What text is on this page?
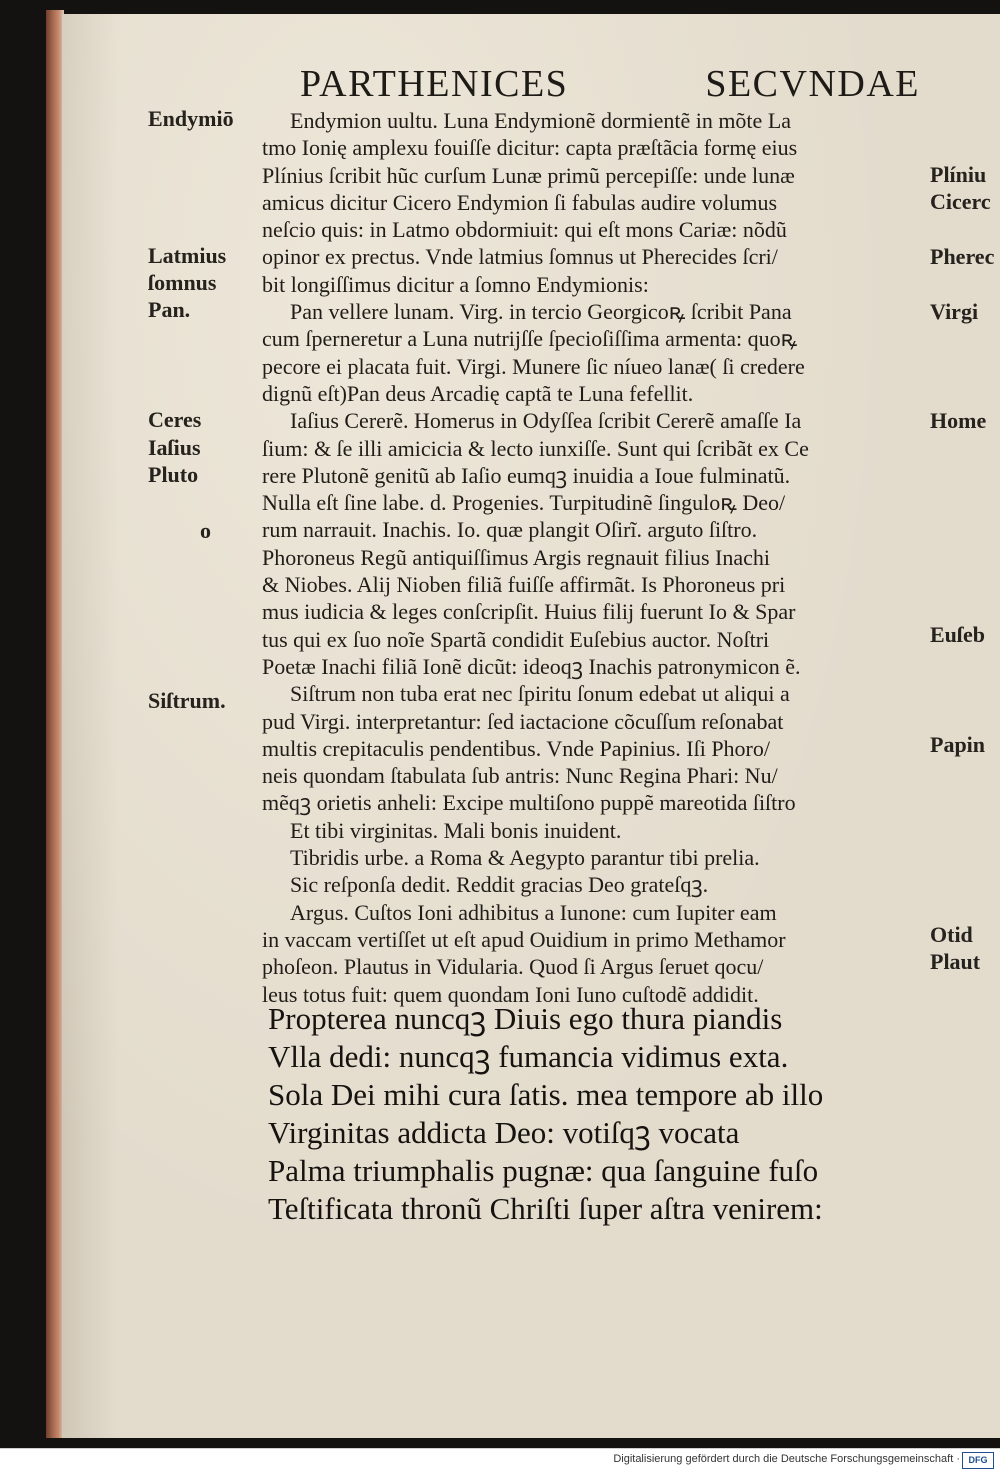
PARTHENICES	SECVNDAE
Endymiō
Latmius
ſomnus
Pan.
Ceres
Iaſius
Pluto
o
Siſtrum.
Plíniu
Cicerc
Pherec
Virgi
Home
Euſeb
Papin
Otid
Plaut
Endymion uultu. Luna Endymionẽ dormientẽ in mõte La
tmo Ionię amplexu fouiſſe dicitur: capta præſtãcia formę eius
Plínius ſcribit hũc curſum Lunæ primũ percepiſſe: unde lunæ
amicus dicitur Cicero Endymion ſi fabulas audire volumus
neſcio quis: in Latmo obdormiuit: qui eſt mons Cariæ: nõdũ
opinor ex prectus. Vnde latmius ſomnus ut Pherecides ſcri/
bit longiſſimus dicitur a ſomno Endymionis:
Pan vellere lunam. Virg. in tercio Georgicoꝶ ſcribit Pana
cum ſperneretur a Luna nutrijſſe ſpecioſiſſima armenta: quoꝶ
pecore ei placata fuit. Virgi. Munere ſic níueo lanæ( ſi credere
dignũ eſt)Pan deus Arcadię captã te Luna fefellit.
Iaſius Cererẽ. Homerus in Odyſſea ſcribit Cererẽ amaſſe Ia
ſium: & ſe illi amicicia & lecto iunxiſſe. Sunt qui ſcribãt ex Ce
rere Plutonẽ genitũ ab Iaſio eumqꝫ inuidia a Ioue fulminatũ.
Nulla eſt ſine labe. d. Progenies. Turpitudinẽ ſinguloꝶ Deo/
rum narrauit. Inachis. Io. quæ plangit Oſirĩ. arguto ſiſtro.
Phoroneus Regũ antiquiſſimus Argis regnauit filius Inachi
& Niobes. Alij Nioben filiã fuiſſe affirmãt. Is Phoroneus pri
mus iudicia & leges conſcripſit. Huius filij fuerunt Io & Spar
tus qui ex ſuo noĩe Spartã condidit Euſebius auctor. Noſtri
Poetæ Inachi filiã Ionẽ dicũt: ideoqꝫ Inachis patronymicon ẽ.
Siſtrum non tuba erat nec ſpiritu ſonum edebat ut aliqui a
pud Virgi. interpretantur: ſed iactacione cõcuſſum reſonabat
multis crepitaculis pendentibus. Vnde Papinius. Iſi Phoro/
neis quondam ſtabulata ſub antris: Nunc Regina Phari: Nu/
mẽqꝫ orietis anheli: Excipe multiſono puppẽ mareotida ſiſtro
Et tibi virginitas. Mali bonis inuident.
Tibridis urbe. a Roma & Aegypto parantur tibi prelia.
Sic reſponſa dedit. Reddit gracias Deo grateſqꝫ.
Argus. Cuſtos Ioni adhibitus a Iunone: cum Iupiter eam
in vaccam vertiſſet ut eſt apud Ouidium in primo Methamor
phoſeon. Plautus in Vidularia. Quod ſi Argus ſeruet qocu/
leus totus fuit: quem quondam Ioni Iuno cuſtodẽ addidit.
Propterea nuncqꝫ Diuis ego thura piandis
Vlla dedi: nuncqꝫ fumancia vidimus exta.
Sola Dei mihi cura ſatis. mea tempore ab illo
Virginitas addicta Deo: votiſqꝫ vocata
Palma triumphalis pugnæ: qua ſanguine fuſo
Teſtificata thronũ Chriſti ſuper aſtra venirem:
Digitalisierung gefördert durch die Deutsche Forschungsgemeinschaft · DFG
